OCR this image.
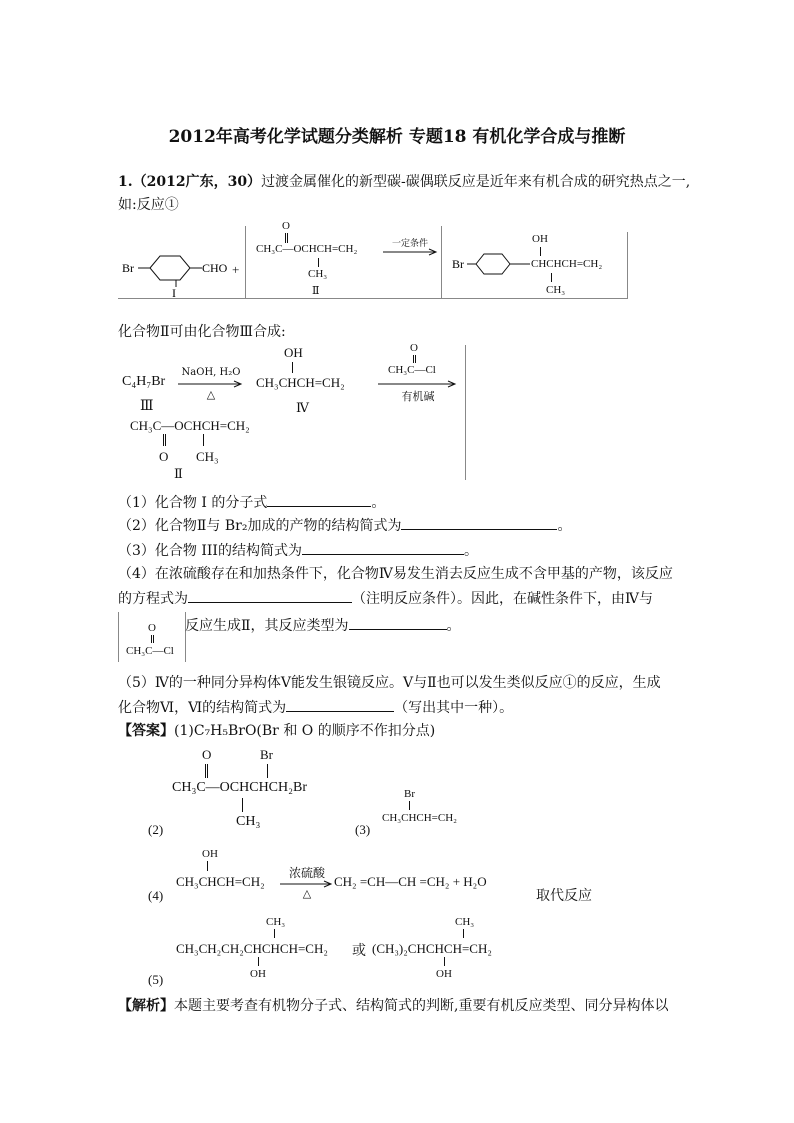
2012年高考化学试题分类解析 专题18 有机化学合成与推断
1.（2012广东，30）过渡金属催化的新型碳-碳偶联反应是近年来有机合成的研究热点之一,
如:反应①
Br	CHO
I
+
O
CH₃C—OCHCH=CH₂
CH₃
Ⅱ
一定条件	OH
Br	CHCHCH=CH₂
CH₃
化合物Ⅱ可由化合物Ⅲ合成:
C₄H₇Br
NaOH, H₂O
△
Ⅲ
OH
CH₃CHCH=CH₂
Ⅳ
O
CH₃C—Cl
有机碱
CH₃C—OCHCH=CH₂
O CH₃
Ⅱ
（1）化合物 I 的分子式	。
（2）化合物Ⅱ与 Br₂加成的产物的结构简式为	。
（3）化合物 III的结构简式为	。
（4）在浓硫酸存在和加热条件下，化合物Ⅳ易发生消去反应生成不含甲基的产物，该反应
的方程式为	（注明反应条件）。因此，在碱性条件下，由Ⅳ与
O
CH₃C—Cl
反应生成Ⅱ，其反应类型为	。
（5）Ⅳ的一种同分异构体Ⅴ能发生银镜反应。Ⅴ与Ⅱ也可以发生类似反应①的反应，生成
化合物Ⅵ，Ⅵ的结构简式为	（写出其中一种）。
【答案】(1)C₇H₅BrO(Br 和 O 的顺序不作扣分点)
O	Br
CH₃C—OCHCHCH₂Br
CH₃
(2)	(3)
Br
CH₃CHCH=CH₂
OH
CH₃CHCH=CH₂
浓硫酸
△
CH₂ =CH—CH =CH₂ + H₂O
(4)	取代反应
CH₃
CH₃CH₂CH₂CHCHCH=CH₂
OH
或
CH₃
(CH₃)₂CHCHCH=CH₂
OH
(5)
【解析】本题主要考查有机物分子式、结构简式的判断,重要有机反应类型、同分异构体以
